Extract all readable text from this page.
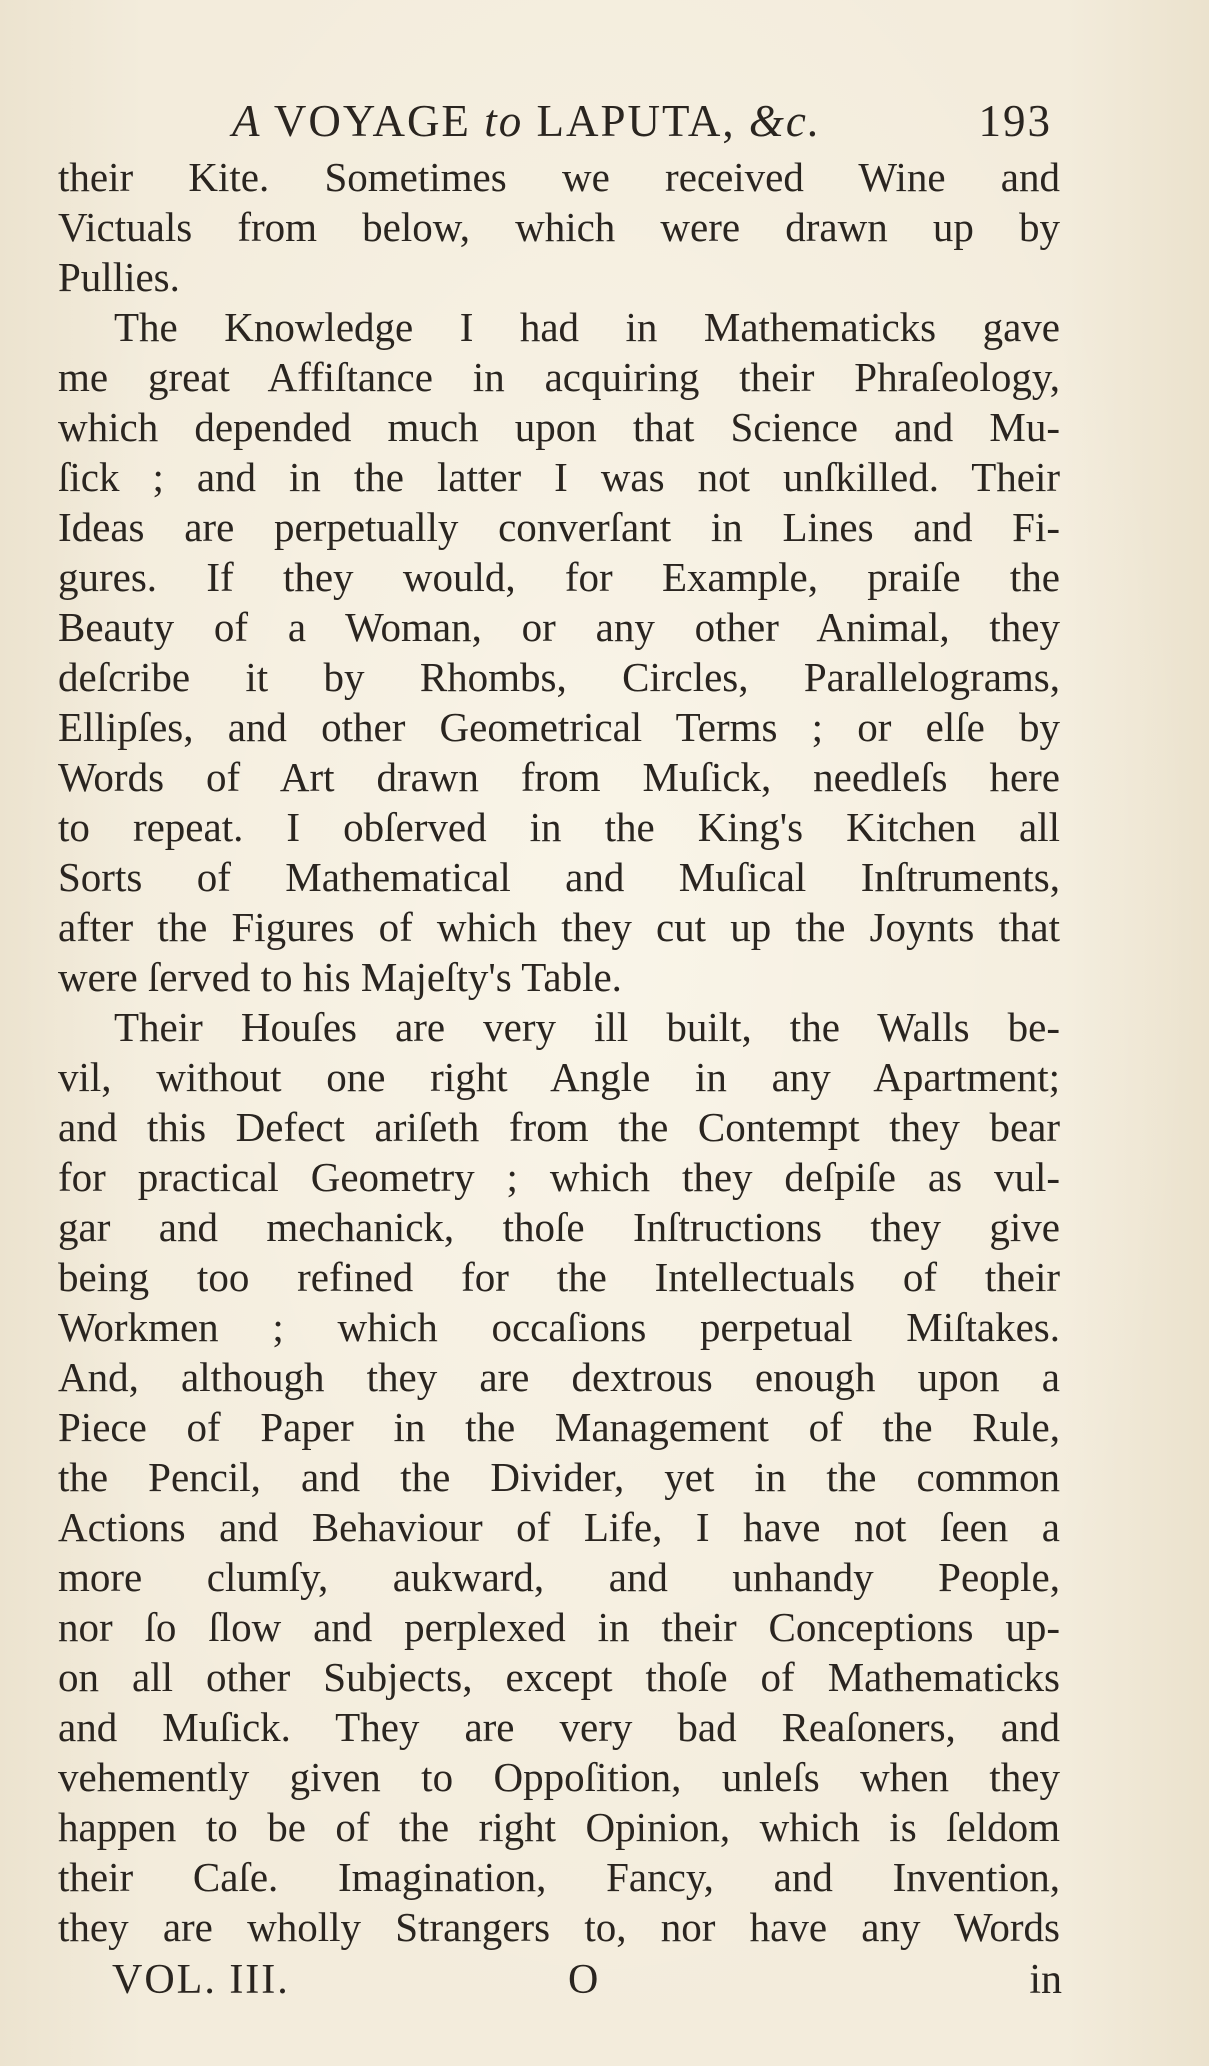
A VOYAGE to LAPUTA, &c.	193
their Kite. Sometimes we received Wine and
Victuals from below, which were drawn up by
Pullies.
The Knowledge I had in Mathematicks gave
me great Affiſtance in acquiring their Phraſeology,
which depended much upon that Science and Mu-
ſick ; and in the latter I was not unſkilled. Their
Ideas are perpetually converſant in Lines and Fi-
gures. If they would, for Example, praiſe the
Beauty of a Woman, or any other Animal, they
deſcribe it by Rhombs, Circles, Parallelograms,
Ellipſes, and other Geometrical Terms ; or elſe by
Words of Art drawn from Muſick, needleſs here
to repeat. I obſerved in the King's Kitchen all
Sorts of Mathematical and Muſical Inſtruments,
after the Figures of which they cut up the Joynts that
were ſerved to his Majeſty's Table.
Their Houſes are very ill built, the Walls be-
vil, without one right Angle in any Apartment;
and this Defect ariſeth from the Contempt they bear
for practical Geometry ; which they deſpiſe as vul-
gar and mechanick, thoſe Inſtructions they give
being too refined for the Intellectuals of their
Workmen ; which occaſions perpetual Miſtakes.
And, although they are dextrous enough upon a
Piece of Paper in the Management of the Rule,
the Pencil, and the Divider, yet in the common
Actions and Behaviour of Life, I have not ſeen a
more clumſy, aukward, and unhandy People,
nor ſo ſlow and perplexed in their Conceptions up-
on all other Subjects, except thoſe of Mathematicks
and Muſick. They are very bad Reaſoners, and
vehemently given to Oppoſition, unleſs when they
happen to be of the right Opinion, which is ſeldom
their Caſe. Imagination, Fancy, and Invention,
they are wholly Strangers to, nor have any Words
VOL. III.	O	in
